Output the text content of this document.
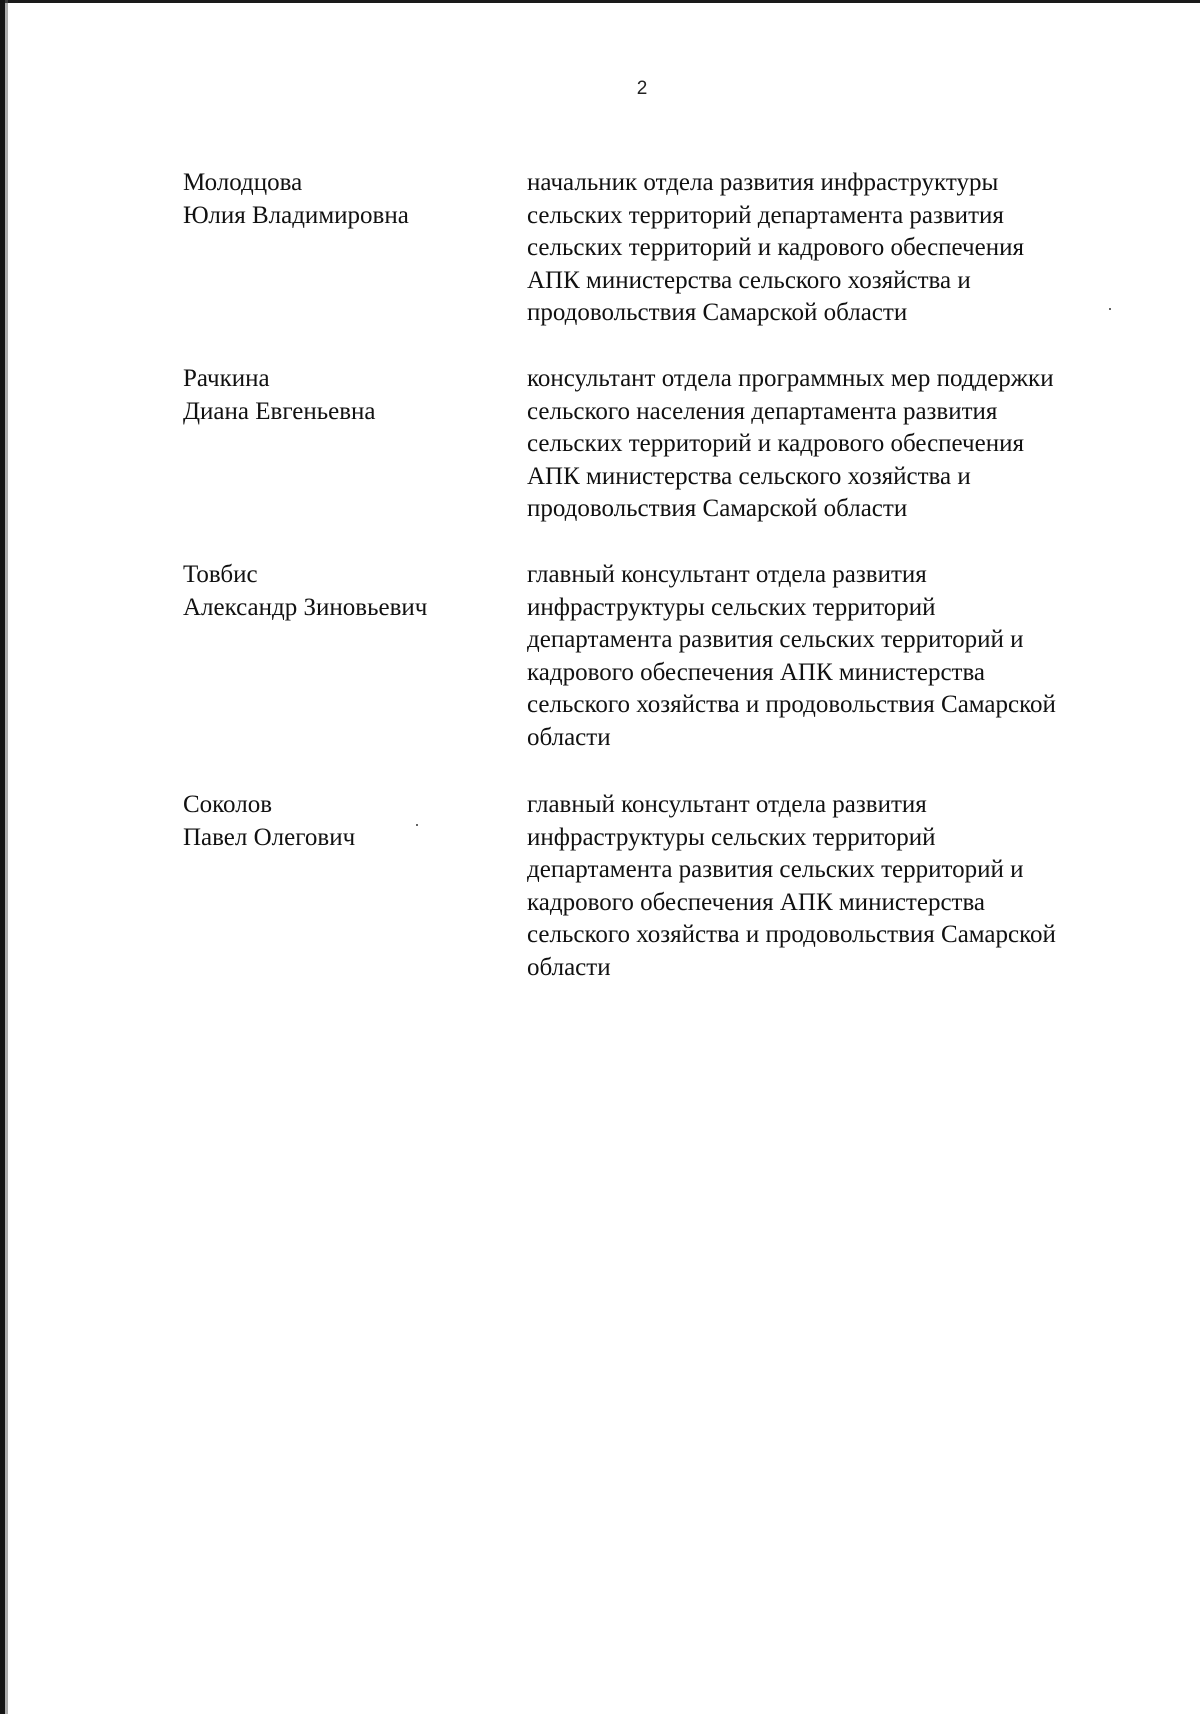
2
Молодцова
Юлия Владимировна
начальник отдела развития инфраструктуры
сельских территорий департамента развития
сельских территорий и кадрового обеспечения
АПК министерства сельского хозяйства и
продовольствия Самарской области
Рачкина
Диана Евгеньевна
консультант отдела программных мер поддержки
сельского населения департамента развития
сельских территорий и кадрового обеспечения
АПК министерства сельского хозяйства и
продовольствия Самарской области
Товбис
Александр Зиновьевич
главный консультант отдела развития
инфраструктуры сельских территорий
департамента развития сельских территорий и
кадрового обеспечения АПК министерства
сельского хозяйства и продовольствия Самарской
области
Соколов
Павел Олегович
главный консультант отдела развития
инфраструктуры сельских территорий
департамента развития сельских территорий и
кадрового обеспечения АПК министерства
сельского хозяйства и продовольствия Самарской
области
